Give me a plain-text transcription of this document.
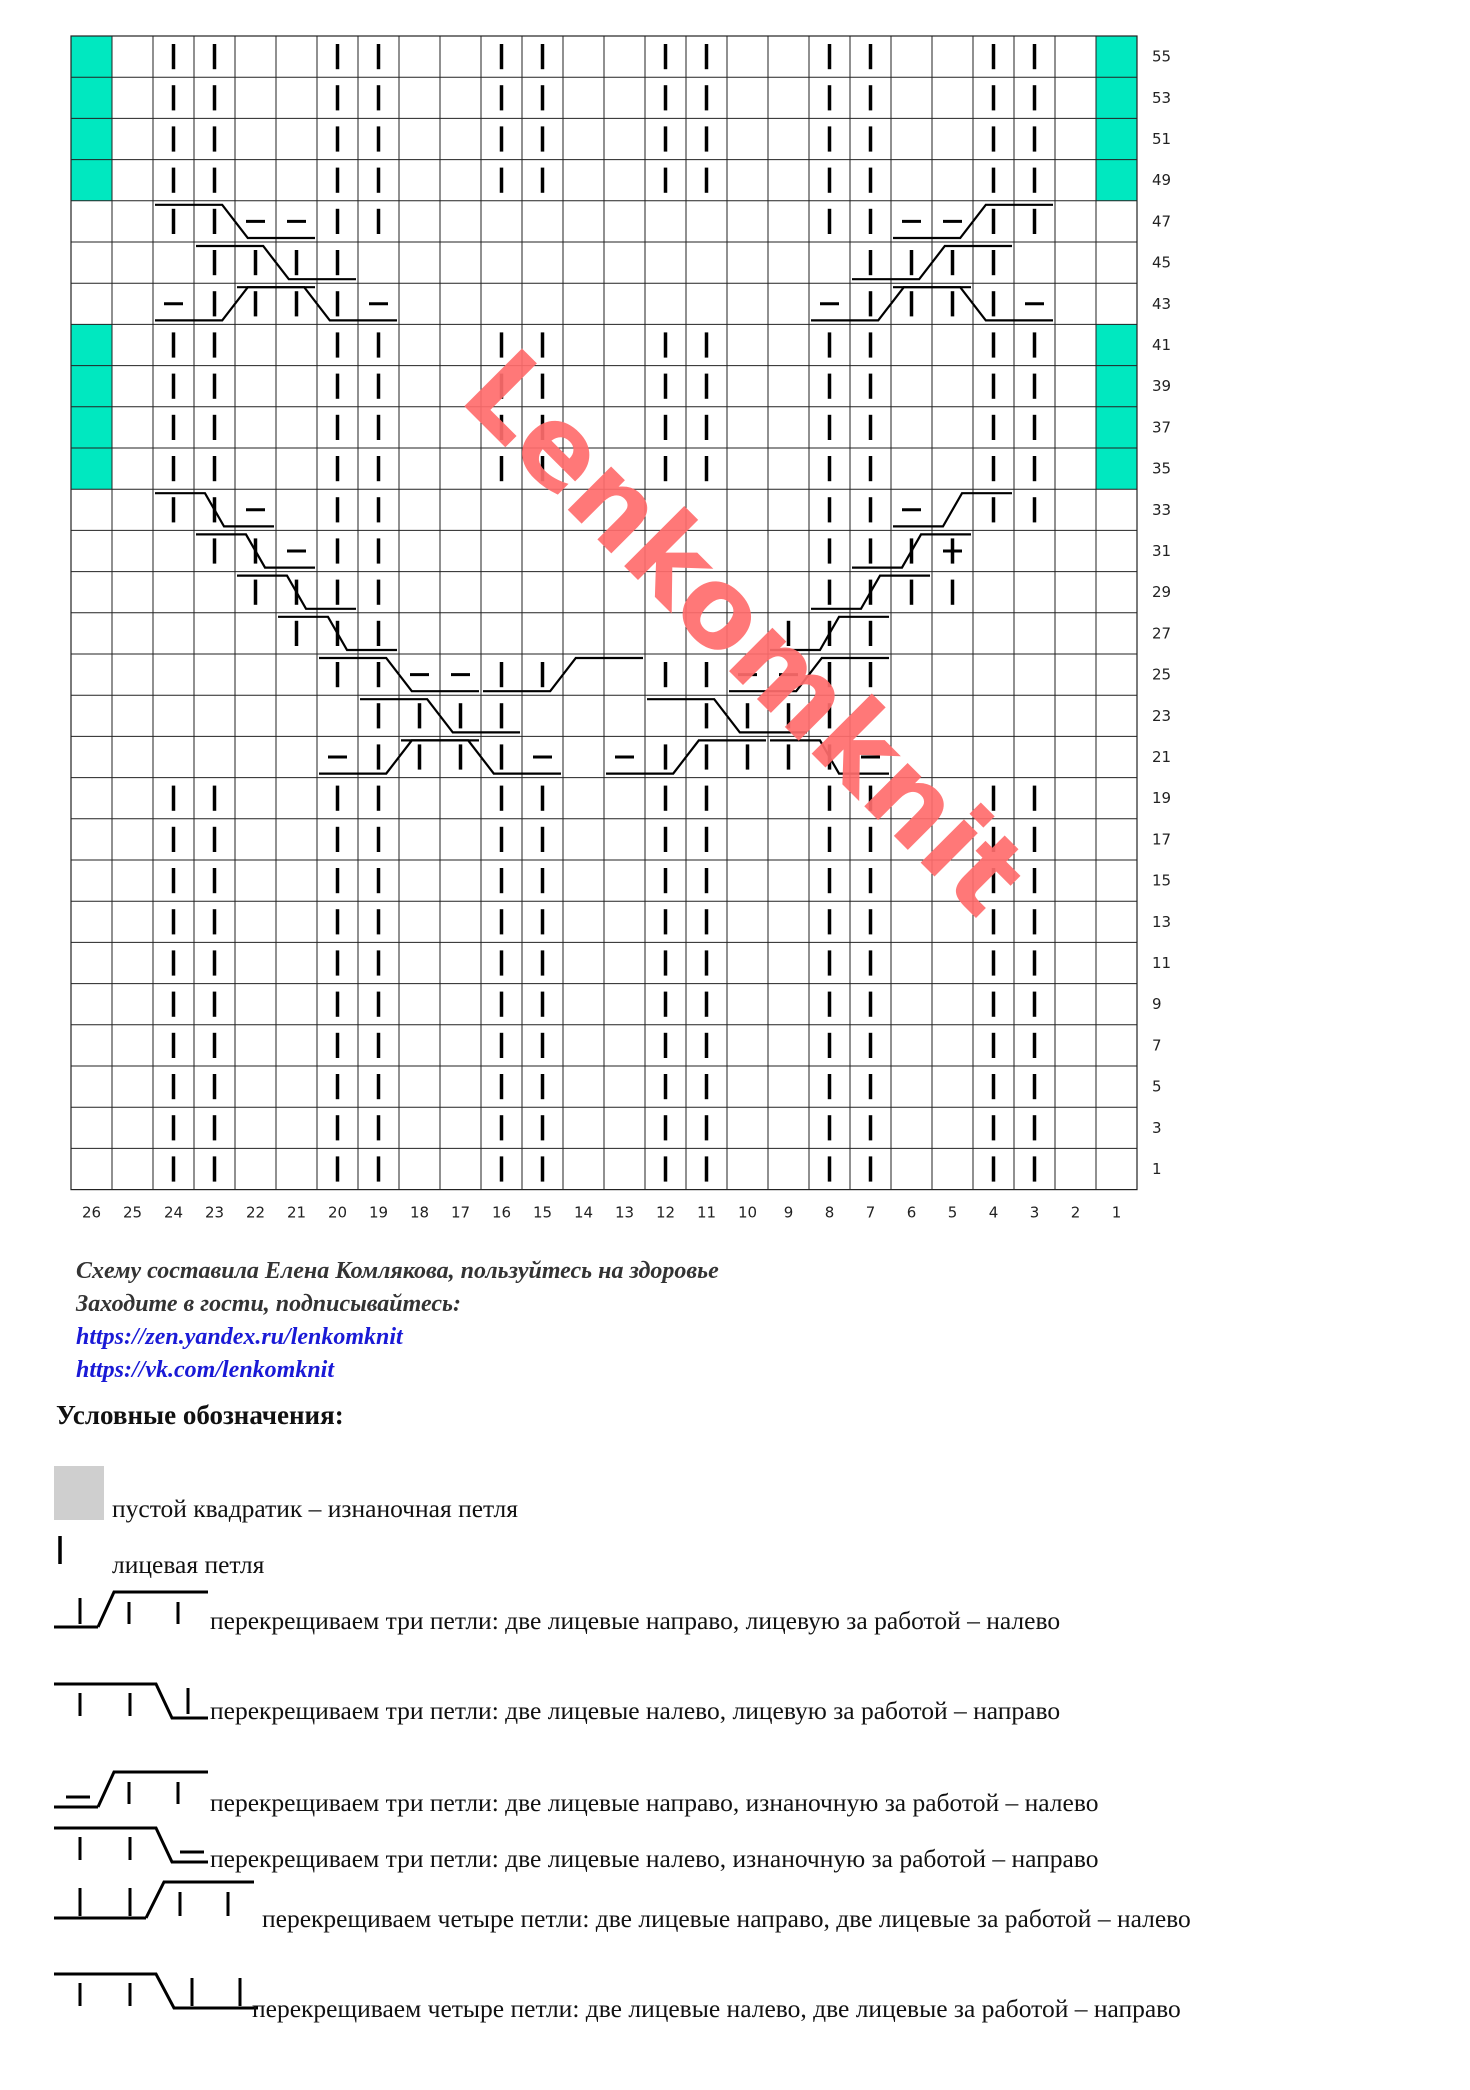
55
53
51
49
47
45
43
41
39
37
35
33
31
29
27
25
23
21
19
17
15
13
11
9
7
5
3
1
26 25 24 23 22 21 20 19 18 17 16 15 14 13 12 11 10 9 8 7 6 5 4 3 2 1
Lenkomknit
Схему составила Елена Комлякова, пользуйтесь на здоровье
Заходите в гости, подписывайтесь:
https://zen.yandex.ru/lenkomknit
https://vk.com/lenkomknit
Условные обозначения:
пустой квадратик – изнаночная петля
лицевая петля
перекрещиваем три петли: две лицевые направо, лицевую за работой – налево
перекрещиваем три петли: две лицевые налево, лицевую за работой – направо
перекрещиваем три петли: две лицевые направо, изнаночную за работой – налево
перекрещиваем три петли: две лицевые налево, изнаночную за работой – направо
перекрещиваем четыре петли: две лицевые направо, две лицевые за работой – налево
перекрещиваем четыре петли: две лицевые налево, две лицевые за работой – направо
